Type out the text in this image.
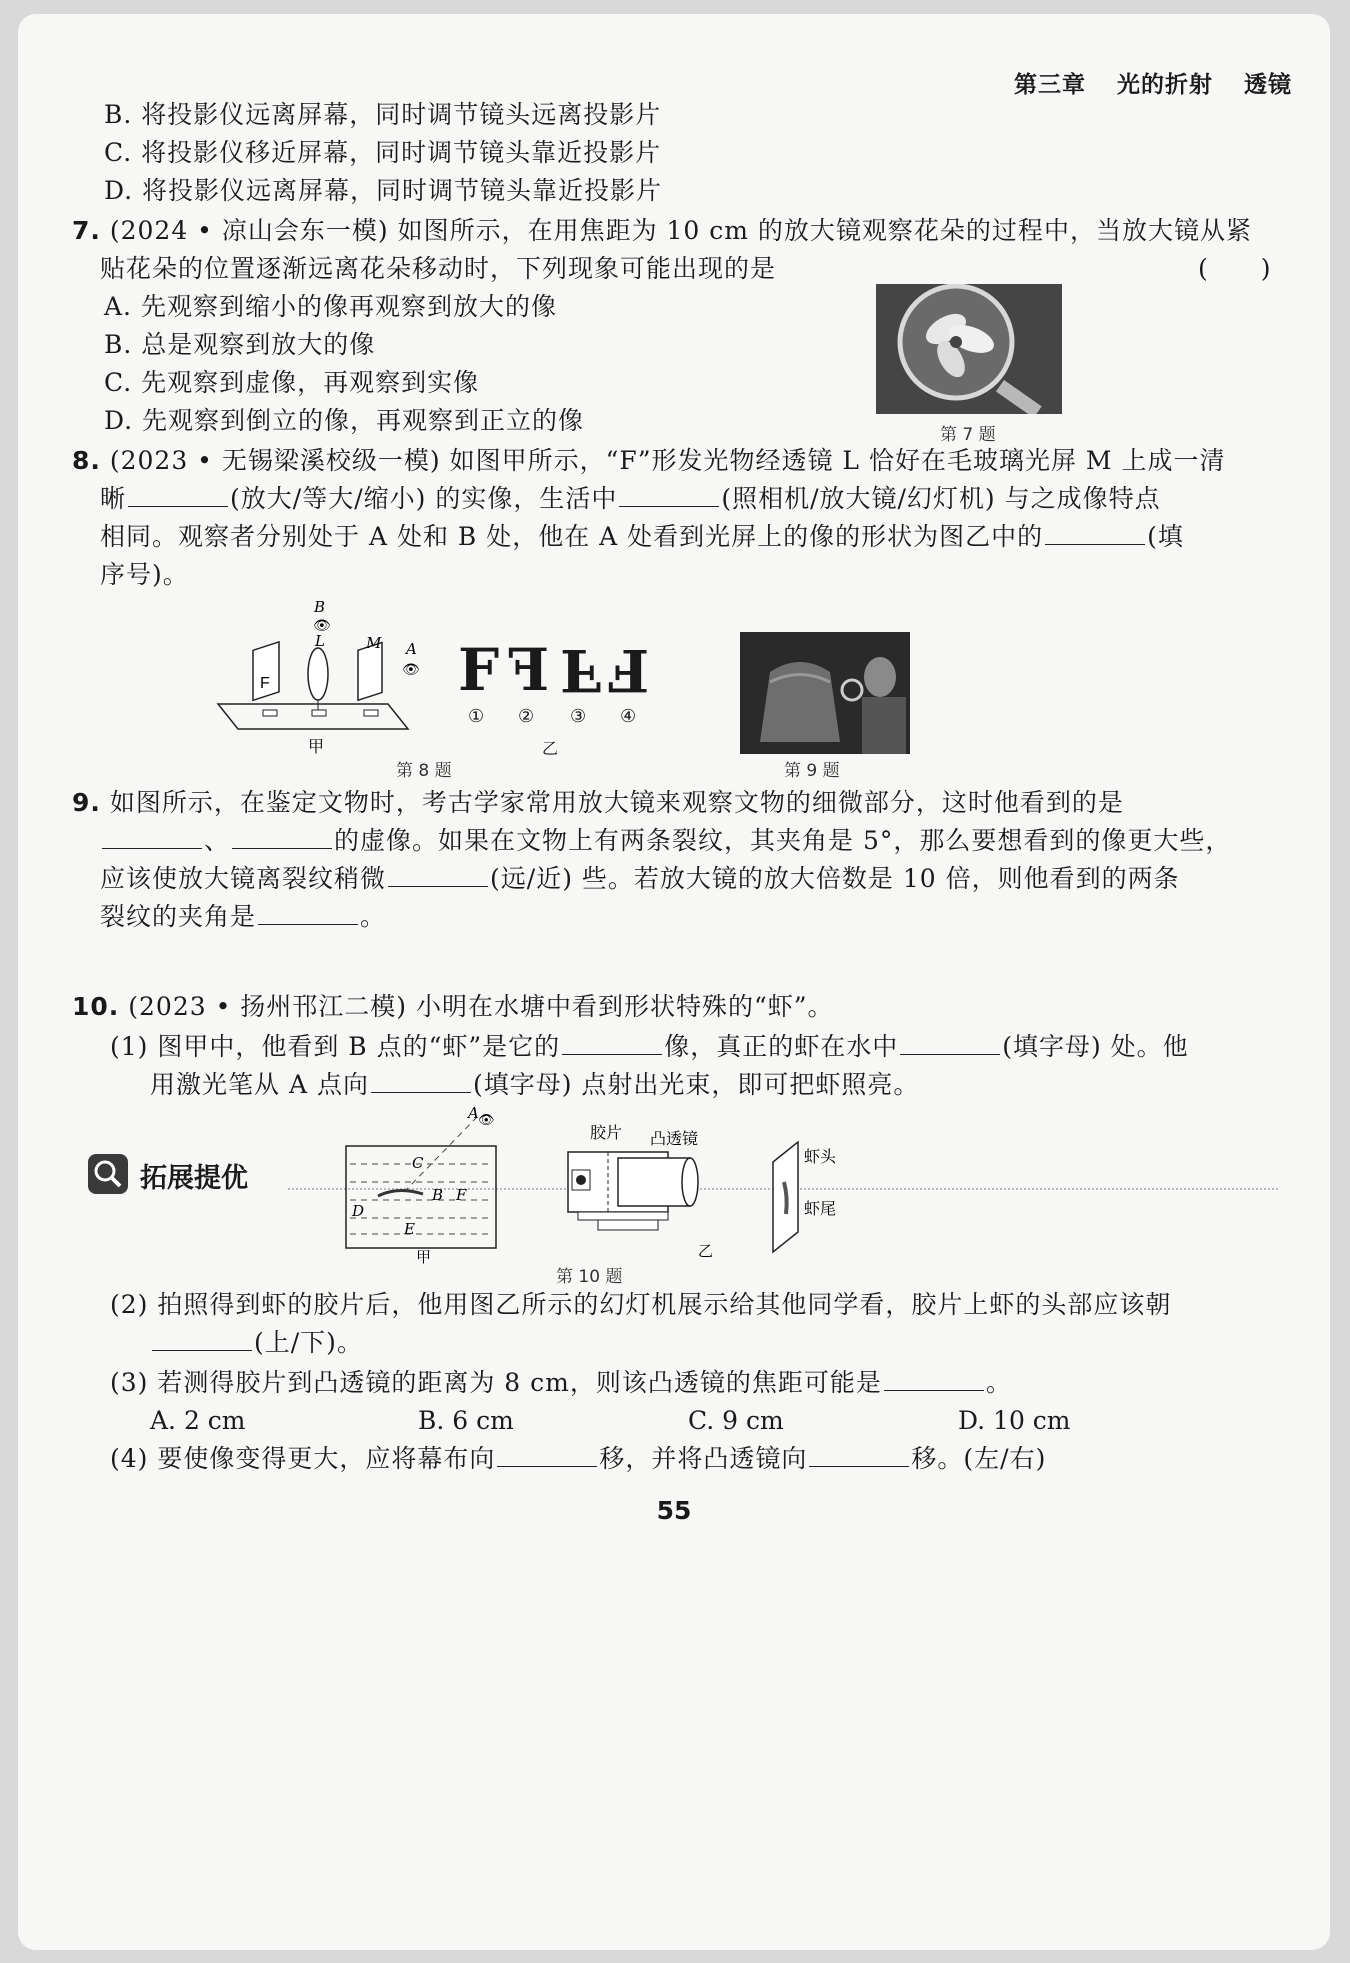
第三章 光的折射 透镜
B. 将投影仪远离屏幕，同时调节镜头远离投影片
C. 将投影仪移近屏幕，同时调节镜头靠近投影片
D. 将投影仪远离屏幕，同时调节镜头靠近投影片
7. (2024 • 凉山会东一模) 如图所示，在用焦距为 10 cm 的放大镜观察花朵的过程中，当放大镜从紧
贴花朵的位置逐渐远离花朵移动时，下列现象可能出现的是	(　　)
A. 先观察到缩小的像再观察到放大的像
B. 总是观察到放大的像
C. 先观察到虚像，再观察到实像
D. 先观察到倒立的像，再观察到正立的像	第 7 题
8. (2023 • 无锡梁溪校级一模) 如图甲所示，“F”形发光物经透镜 L 恰好在毛玻璃光屏 M 上成一清
晰	(放大/等大/缩小) 的实像，生活中	(照相机/放大镜/幻灯机) 与之成像特点
相同。观察者分别处于 A 处和 B 处，他在 A 处看到光屏上的像的形状为图乙中的	(填
序号)。
F
B
👁
L	M A
👁
甲
F F F F
① ② ③ ④
乙
第 8 题	第 9 题
9. 如图所示，在鉴定文物时，考古学家常用放大镜来观察文物的细微部分，这时他看到的是
、	的虚像。如果在文物上有两条裂纹，其夹角是 5°，那么要想看到的像更大些，
应该使放大镜离裂纹稍微	(远/近) 些。若放大镜的放大倍数是 10 倍，则他看到的两条
裂纹的夹角是	。
拓展提优
10. (2023 • 扬州邗江二模) 小明在水塘中看到形状特殊的“虾”。
(1) 图甲中，他看到 B 点的“虾”是它的	像，真正的虾在水中	(填字母) 处。他
用激光笔从 A 点向	(填字母) 点射出光束，即可把虾照亮。
A 👁
C
B F
D
E
甲
胶片 凸透镜
虾头
虾尾
乙
第 10 题
(2) 拍照得到虾的胶片后，他用图乙所示的幻灯机展示给其他同学看，胶片上虾的头部应该朝
(上/下)。
(3) 若测得胶片到凸透镜的距离为 8 cm，则该凸透镜的焦距可能是	。
A. 2 cm	B. 6 cm	C. 9 cm	D. 10 cm
(4) 要使像变得更大，应将幕布向	移，并将凸透镜向	移。(左/右)
55
